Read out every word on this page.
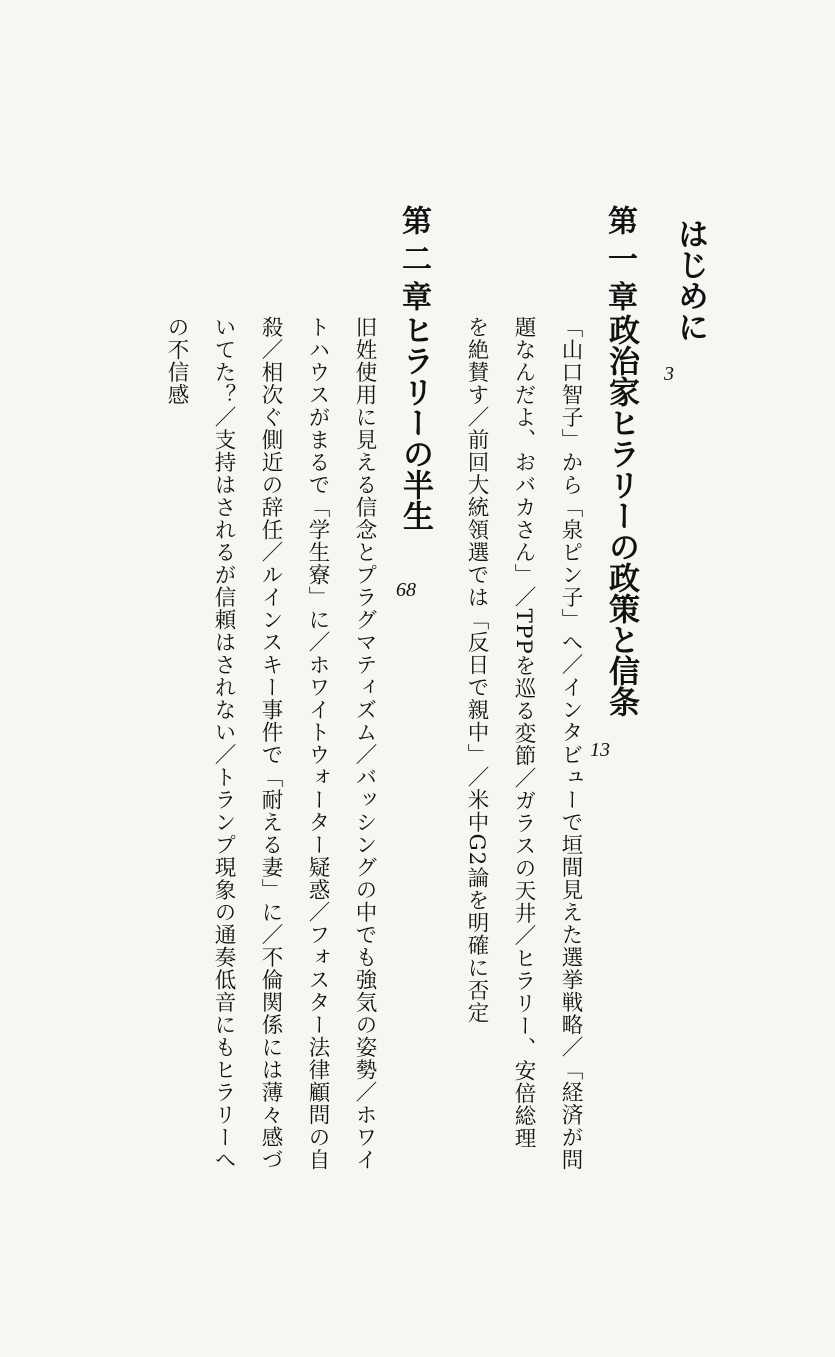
はじめに
3
第一章
政治家ヒラリーの政策と信条
13
「山口智子」から「泉ピン子」へ／インタビューで垣間見えた選挙戦略／「経済が問
題なんだよ、おバカさん」／TPPを巡る変節／ガラスの天井／ヒラリー、安倍総理
を絶賛す／前回大統領選では「反日で親中」／米中G2論を明確に否定
第二章
ヒラリーの半生
68
旧姓使用に見える信念とプラグマティズム／バッシングの中でも強気の姿勢／ホワイ
トハウスがまるで「学生寮」に／ホワイトウォーター疑惑／フォスター法律顧問の自
殺／相次ぐ側近の辞任／ルインスキー事件で「耐える妻」に／不倫関係には薄々感づ
いてた？／支持はされるが信頼はされない／トランプ現象の通奏低音にもヒラリーへ
の不信感
